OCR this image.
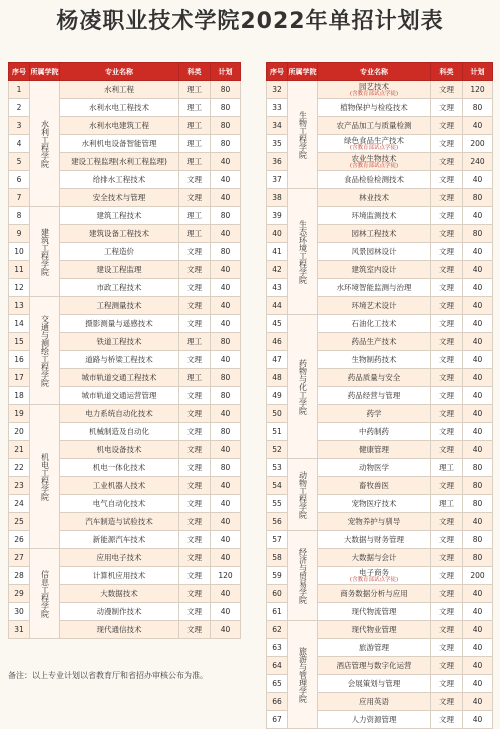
杨凌职业技术学院2022年单招计划表
序号	所属学院	专业名称	科类	计划
1	水利工程学院	水利工程	理工	80
2		水利水电工程技术	理工	80
3		水利水电建筑工程	理工	80
4		水利机电设备智能管理	理工	80
5		建设工程监理(水利工程监理)	理工	40
6		给排水工程技术	文理	40
7		安全技术与管理	文理	40
8	建筑工程学院	建筑工程技术	理工	80
9		建筑设备工程技术	理工	40
10		工程造价	文理	80
11		建设工程监理	文理	40
12		市政工程技术	文理	40
13	交通与测绘工程学院	工程测量技术	文理	40
14		摄影测量与遥感技术	文理	40
15		铁道工程技术	理工	80
16		道路与桥梁工程技术	文理	40
17		城市轨道交通工程技术	理工	80
18		城市轨道交通运营管理	文理	80
19	机电工程学院	电力系统自动化技术	文理	40
20		机械制造及自动化	文理	80
21		机电设备技术	文理	40
22		机电一体化技术	文理	80
23		工业机器人技术	文理	40
24		电气自动化技术	文理	40
25		汽车制造与试验技术	文理	40
26		新能源汽车技术	文理	40
27	信息工程学院	应用电子技术	文理	40
28		计算机应用技术	文理	120
29		大数据技术	文理	40
30		动漫制作技术	文理	40
31		现代通信技术	文理	40
序号	所属学院	专业名称	科类	计划
32	生物工程学院	园艺技术
(含教育部试点学徒)	文理	120
33		植物保护与检疫技术	文理	80
34		农产品加工与质量检测	文理	40
35		绿色食品生产技术
(含教育部试点学徒)	文理	200
36		农业生物技术
(含教育部试点学徒)	文理	240
37		食品检验检测技术	文理	40
38	生态环境工程学院	林业技术	文理	80
39		环境监测技术	文理	40
40		园林工程技术	文理	80
41		风景园林设计	文理	40
42		建筑室内设计	文理	40
43		水环境智能监测与治理	文理	40
44		环境艺术设计	文理	40
45	药物与化工学院	石油化工技术	文理	40
46		药品生产技术	文理	40
47		生物制药技术	文理	40
48		药品质量与安全	文理	40
49		药品经营与管理	文理	40
50		药学	文理	40
51		中药制药	文理	40
52		健康管理	文理	40
53	动物工程学院	动物医学	理工	80
54		畜牧兽医	文理	80
55		宠物医疗技术	理工	80
56		宠物养护与驯导	文理	40
57	经济与贸易学院	大数据与财务管理	文理	80
58		大数据与会计	文理	80
59		电子商务
(含教育部试点学徒)	文理	200
60		商务数据分析与应用	文理	40
61		现代物流管理	文理	40
62	旅游与管理学院	现代物业管理	文理	40
63		旅游管理	文理	40
64		酒店管理与数字化运营	文理	40
65		会展策划与管理	文理	40
66		应用英语	文理	40
67		人力资源管理	文理	40
备注：以上专业计划以省教育厅和省招办审核公布为准。
